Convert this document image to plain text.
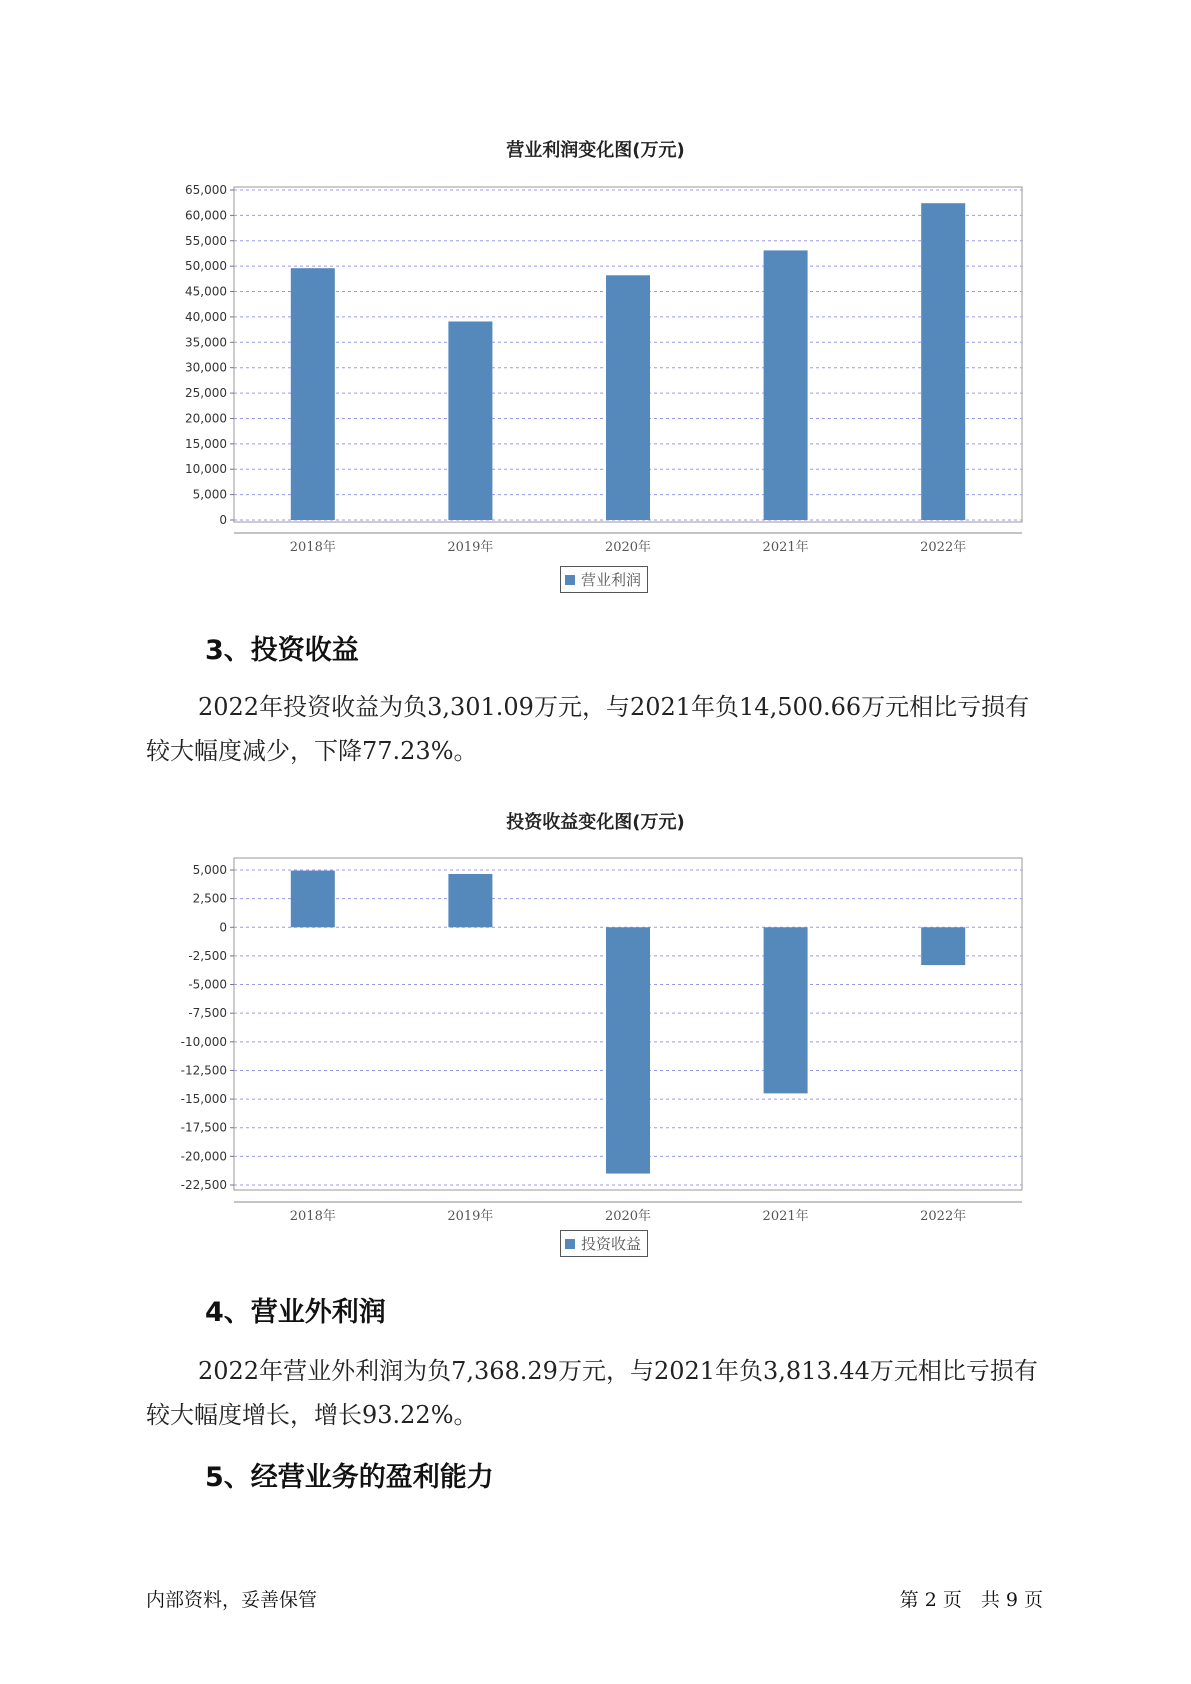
营业利润变化图(万元)
0
5,000
10,000
15,000
20,000
25,000
30,000
35,000
40,000
45,000
50,000
55,000
60,000
65,000
2018年	2019年	2020年	2021年	2022年
营业利润
3、投资收益
2022年投资收益为负3,301.09万元，与2021年负14,500.66万元相比亏损有较大幅度减少，下降77.23%。
投资收益变化图(万元)
5,000
2,500
0
-2,500
-5,000
-7,500
-10,000
-12,500
-15,000
-17,500
-20,000
-22,500
2018年	2019年	2020年	2021年	2022年
投资收益
4、营业外利润
2022年营业外利润为负7,368.29万元，与2021年负3,813.44万元相比亏损有较大幅度增长，增长93.22%。
5、经营业务的盈利能力
内部资料，妥善保管	第 2 页　共 9 页
